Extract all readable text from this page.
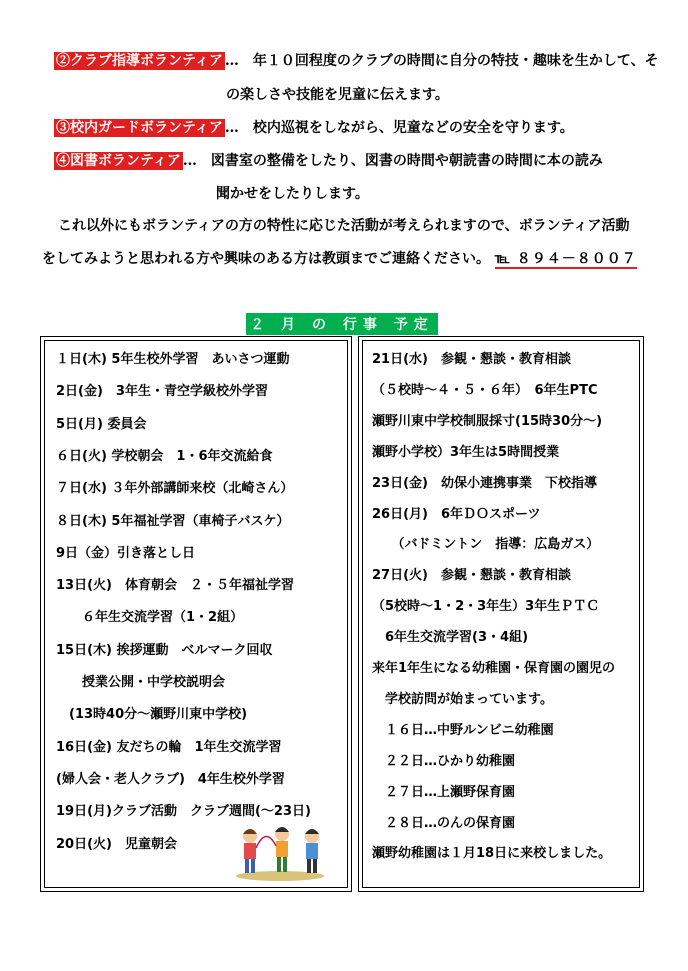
②クラブ指導ボランティア …　年１０回程度のクラブの時間に自分の特技・趣味を生かして、そ
の楽しさや技能を児童に伝えます。
③校内ガードボランティア …　校内巡視をしながら、児童などの安全を守ります。
④図書ボランティア …　図書室の整備をしたり、図書の時間や朝読書の時間に本の読み
聞かせをしたりします。
これ以外にもボランティアの方の特性に応じた活動が考えられますので、ボランティア活動
をしてみようと思われる方や興味のある方は教頭までご連絡ください。 ℡ ８９４－８００７
２ 月 の 行事 予定
１日(木) 5年生校外学習　あいさつ運動
2日(金)　3年生・青空学級校外学習
5日(月) 委員会
６日(火) 学校朝会　1・6年交流給食
７日(水) ３年外部講師来校（北崎さん）
８日(木) 5年福祉学習（車椅子バスケ）
9日（金）引き落とし日
13日(火)　体育朝会　２・５年福祉学習
　　６年生交流学習（1・2組）
15日(木) 挨拶運動　ベルマーク回収
　　授業公開・中学校説明会
　(13時40分～瀬野川東中学校)
16日(金) 友だちの輪　1年生交流学習
(婦人会・老人クラブ)　4年生校外学習
19日(月)クラブ活動　クラブ週間(～23日)
20日(火)　児童朝会
21日(水)　参観・懇談・教育相談
（５校時～４・５・６年）　6年生PTC
瀬野川東中学校制服採寸(15時30分～)
瀬野小学校）3年生は5時間授業
23日(金)　幼保小連携事業　下校指導
26日(月)　6年ＤＯスポーツ
　　（バドミントン　指導：広島ガス）
27日(火)　参観・懇談・教育相談
（5校時～1・2・3年生）3年生ＰＴＣ
　6年生交流学習(3・4組)
来年1年生になる幼稚園・保育園の園児の
　学校訪問が始まっています。
　１６日…中野ルンビニ幼稚園
　２２日…ひかり幼稚園
　２７日…上瀬野保育園
　２８日…のんの保育園
瀬野幼稚園は１月18日に来校しました。
